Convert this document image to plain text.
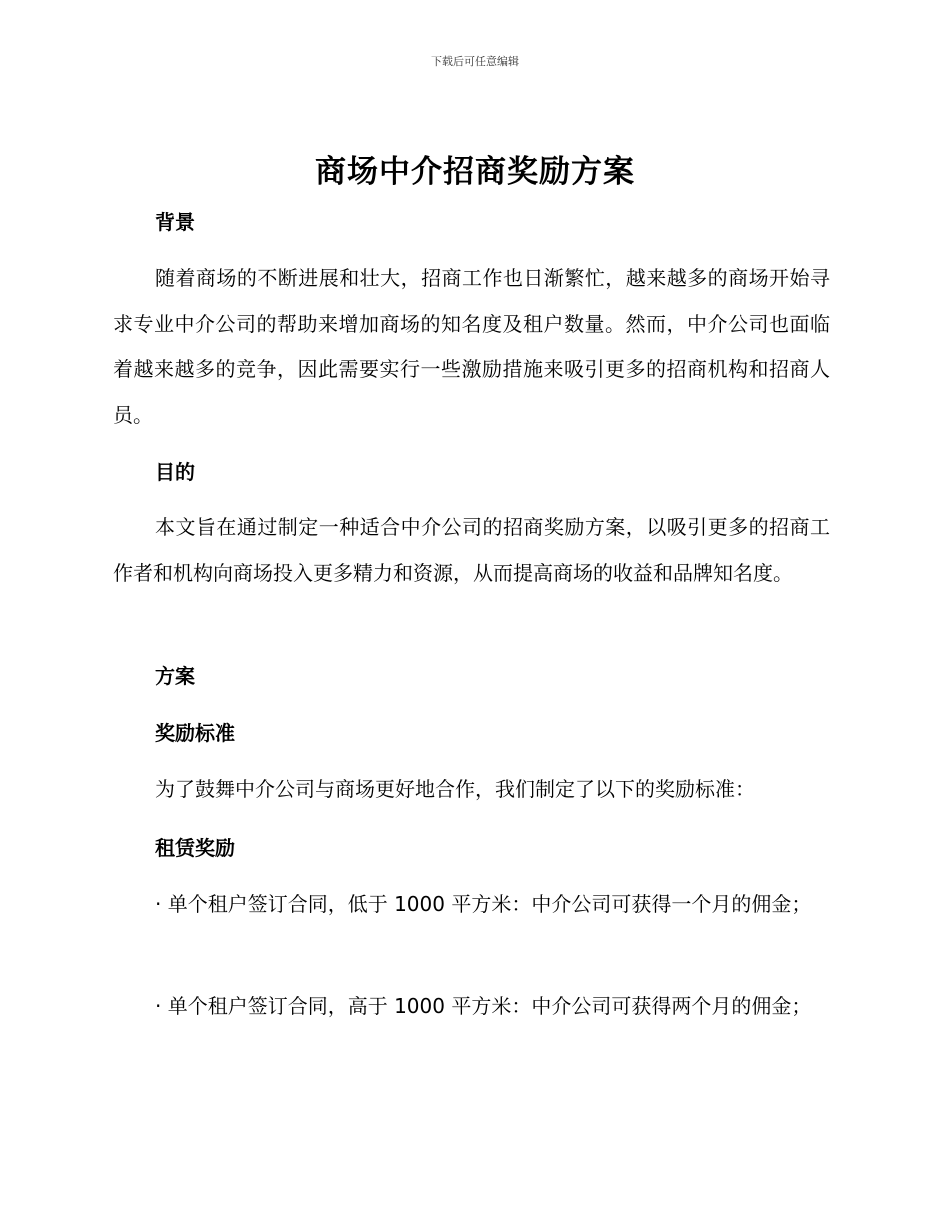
下载后可任意编辑
商场中介招商奖励方案
背景

随着商场的不断进展和壮大，招商工作也日渐繁忙，越来越多的商场开始寻求专业中介公司的帮助来增加商场的知名度及租户数量。然而，中介公司也面临着越来越多的竞争，因此需要实行一些激励措施来吸引更多的招商机构和招商人员。

目的

本文旨在通过制定一种适合中介公司的招商奖励方案，以吸引更多的招商工作者和机构向商场投入更多精力和资源，从而提高商场的收益和品牌知名度。

方案
奖励标准

为了鼓舞中介公司与商场更好地合作，我们制定了以下的奖励标准：

租赁奖励

· 单个租户签订合同，低于 1000 平方米：中介公司可获得一个月的佣金；

· 单个租户签订合同，高于 1000 平方米：中介公司可获得两个月的佣金；
